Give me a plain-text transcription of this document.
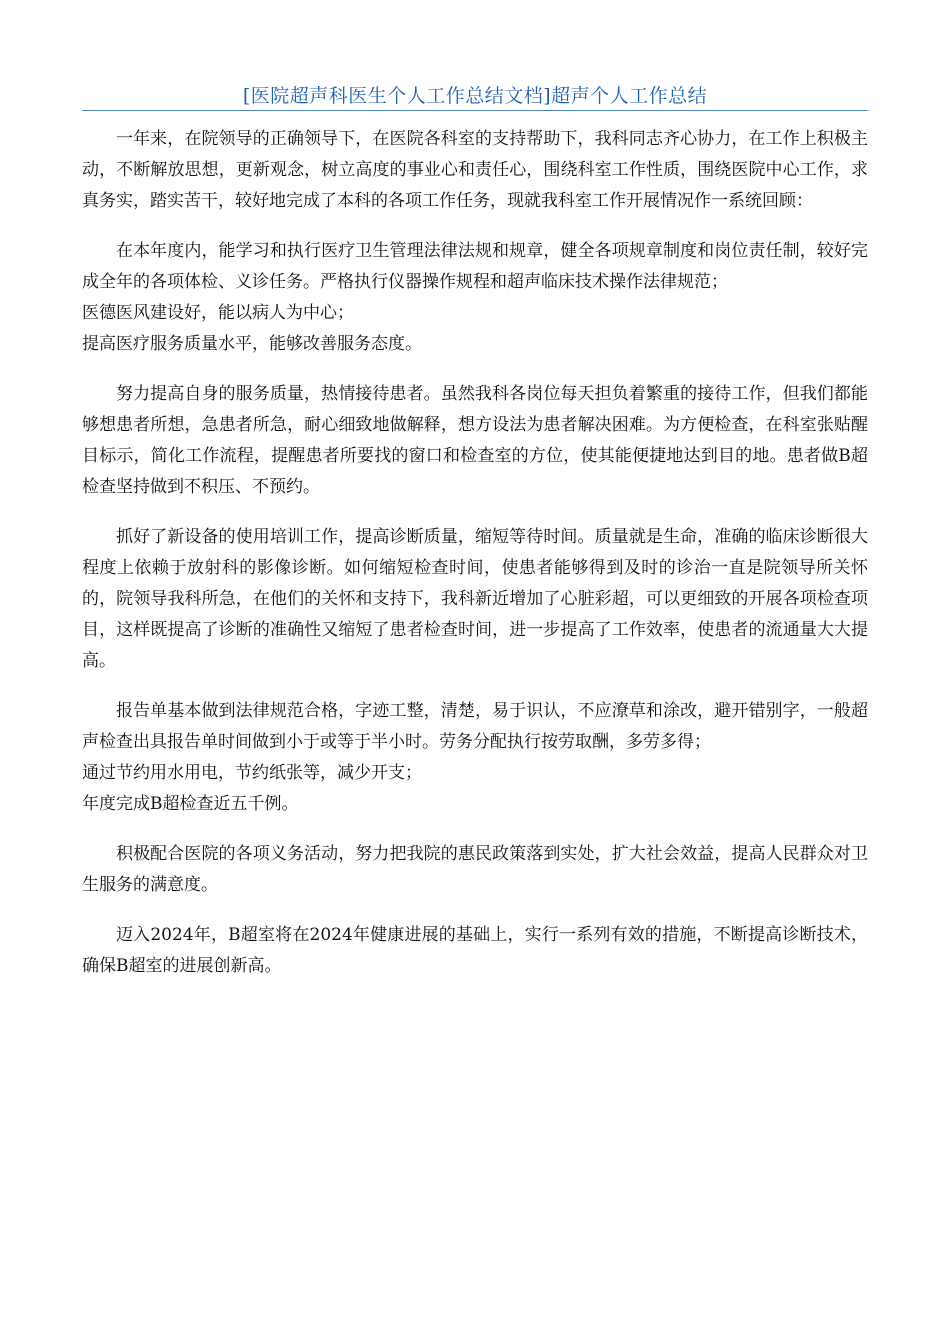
[医院超声科医生个人工作总结文档]超声个人工作总结

一年来，在院领导的正确领导下，在医院各科室的支持帮助下，我科同志齐心协力，在工作上积极主动，不断解放思想，更新观念，树立高度的事业心和责任心，围绕科室工作性质，围绕医院中心工作，求真务实，踏实苦干，较好地完成了本科的各项工作任务，现就我科室工作开展情况作一系统回顾：

在本年度内，能学习和执行医疗卫生管理法律法规和规章，健全各项规章制度和岗位责任制，较好完成全年的各项体检、义诊任务。严格执行仪器操作规程和超声临床技术操作法律规范；
医德医风建设好，能以病人为中心；
提高医疗服务质量水平，能够改善服务态度。

努力提高自身的服务质量，热情接待患者。虽然我科各岗位每天担负着繁重的接待工作，但我们都能够想患者所想，急患者所急，耐心细致地做解释，想方设法为患者解决困难。为方便检查，在科室张贴醒目标示，简化工作流程，提醒患者所要找的窗口和检查室的方位，使其能便捷地达到目的地。患者做B超检查坚持做到不积压、不预约。

抓好了新设备的使用培训工作，提高诊断质量，缩短等待时间。质量就是生命，准确的临床诊断很大程度上依赖于放射科的影像诊断。如何缩短检查时间，使患者能够得到及时的诊治一直是院领导所关怀的，院领导我科所急，在他们的关怀和支持下，我科新近增加了心脏彩超，可以更细致的开展各项检查项目，这样既提高了诊断的准确性又缩短了患者检查时间，进一步提高了工作效率，使患者的流通量大大提高。

报告单基本做到法律规范合格，字迹工整，清楚，易于识认，不应潦草和涂改，避开错别字，一般超声检查出具报告单时间做到小于或等于半小时。劳务分配执行按劳取酬，多劳多得；
通过节约用水用电，节约纸张等，减少开支；
年度完成B超检查近五千例。

积极配合医院的各项义务活动，努力把我院的惠民政策落到实处，扩大社会效益，提高人民群众对卫生服务的满意度。

迈入2024年，B超室将在2024年健康进展的基础上，实行一系列有效的措施，不断提高诊断技术，确保B超室的进展创新高。
